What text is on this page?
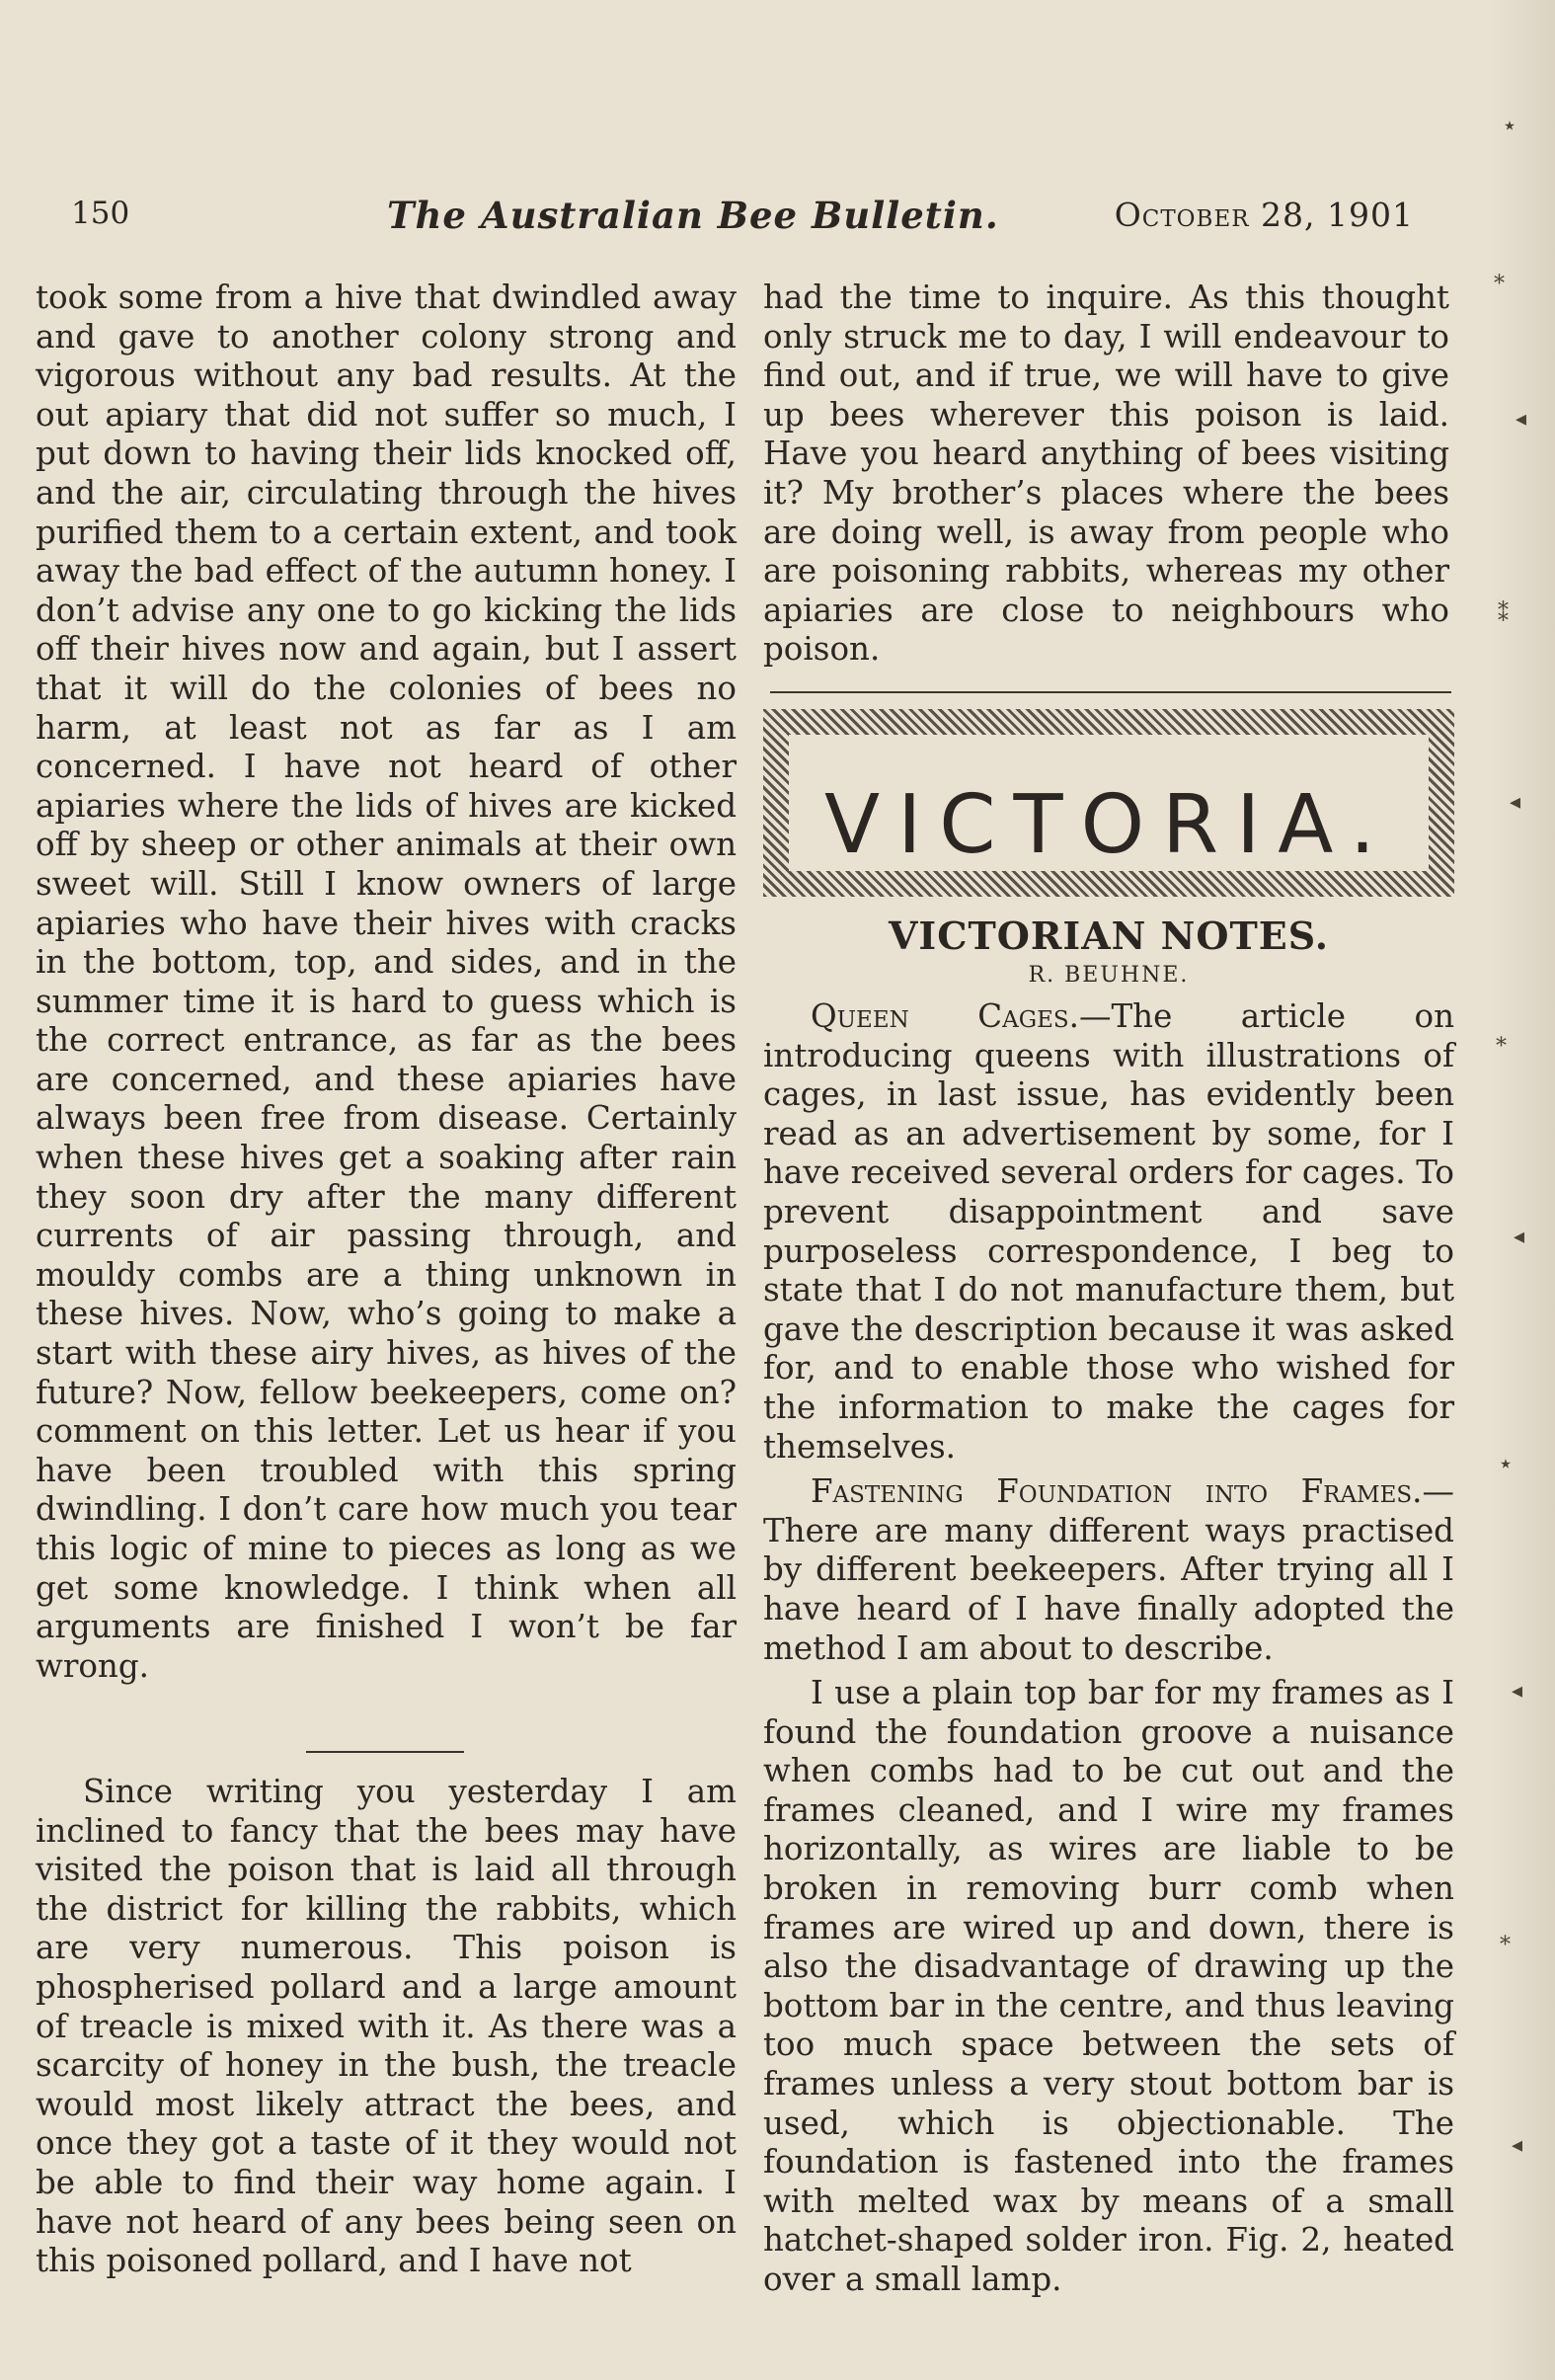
٭
⁎
◂
⁑
◂
⁎
◂
٭
◂
⁎
◂
150	The Australian Bee Bulletin.	October 28, 1901

took some from a hive that dwindled away and gave to another colony strong and vigorous without any bad results. At the out apiary that did not suffer so much, I put down to having their lids knocked off, and the air, circulating through the hives purified them to a certain extent, and took away the bad effect of the autumn honey. I don’t advise any one to go kicking the lids off their hives now and again, but I assert that it will do the colonies of bees no harm, at least not as far as I am concerned. I have not heard of other apiaries where the lids of hives are kicked off by sheep or other animals at their own sweet will. Still I know owners of large apiaries who have their hives with cracks in the bottom, top, and sides, and in the summer time it is hard to guess which is the correct entrance, as far as the bees are concerned, and these apiaries have always been free from disease. Certainly when these hives get a soaking after rain they soon dry after the many different currents of air passing through, and mouldy combs are a thing unknown in these hives. Now, who’s going to make a start with these airy hives, as hives of the future? Now, fellow beekeepers, come on? comment on this letter. Let us hear if you have been troubled with this spring dwindling. I don’t care how much you tear this logic of mine to pieces as long as we get some knowledge. I think when all arguments are finished I won’t be far wrong.

Since writing you yesterday I am inclined to fancy that the bees may have visited the poison that is laid all through the district for killing the rabbits, which are very numerous. This poison is phospherised pollard and a large amount of treacle is mixed with it. As there was a scarcity of honey in the bush, the treacle would most likely attract the bees, and once they got a taste of it they would not be able to find their way home again. I have not heard of any bees being seen on this poisoned pollard, and I have not

had the time to inquire. As this thought only struck me to day, I will endeavour to find out, and if true, we will have to give up bees wherever this poison is laid. Have you heard anything of bees visiting it? My brother’s places where the bees are doing well, is away from people who are poisoning rabbits, whereas my other apiaries are close to neighbours who poison.

VICTORIA.
VICTORIAN NOTES.
R. BEUHNE.

Queen Cages.—The article on introducing queens with illustrations of cages, in last issue, has evidently been read as an advertisement by some, for I have received several orders for cages. To prevent disappointment and save purposeless correspondence, I beg to state that I do not manufacture them, but gave the description because it was asked for, and to enable those who wished for the information to make the cages for themselves.

Fastening Foundation into Frames.—There are many different ways practised by different beekeepers. After trying all I have heard of I have finally adopted the method I am about to describe.

I use a plain top bar for my frames as I found the foundation groove a nuisance when combs had to be cut out and the frames cleaned, and I wire my frames horizontally, as wires are liable to be broken in removing burr comb when frames are wired up and down, there is also the disadvantage of drawing up the bottom bar in the centre, and thus leaving too much space between the sets of frames unless a very stout bottom bar is used, which is objectionable. The foundation is fastened into the frames with melted wax by means of a small hatchet-shaped solder iron. Fig. 2, heated over a small lamp.
